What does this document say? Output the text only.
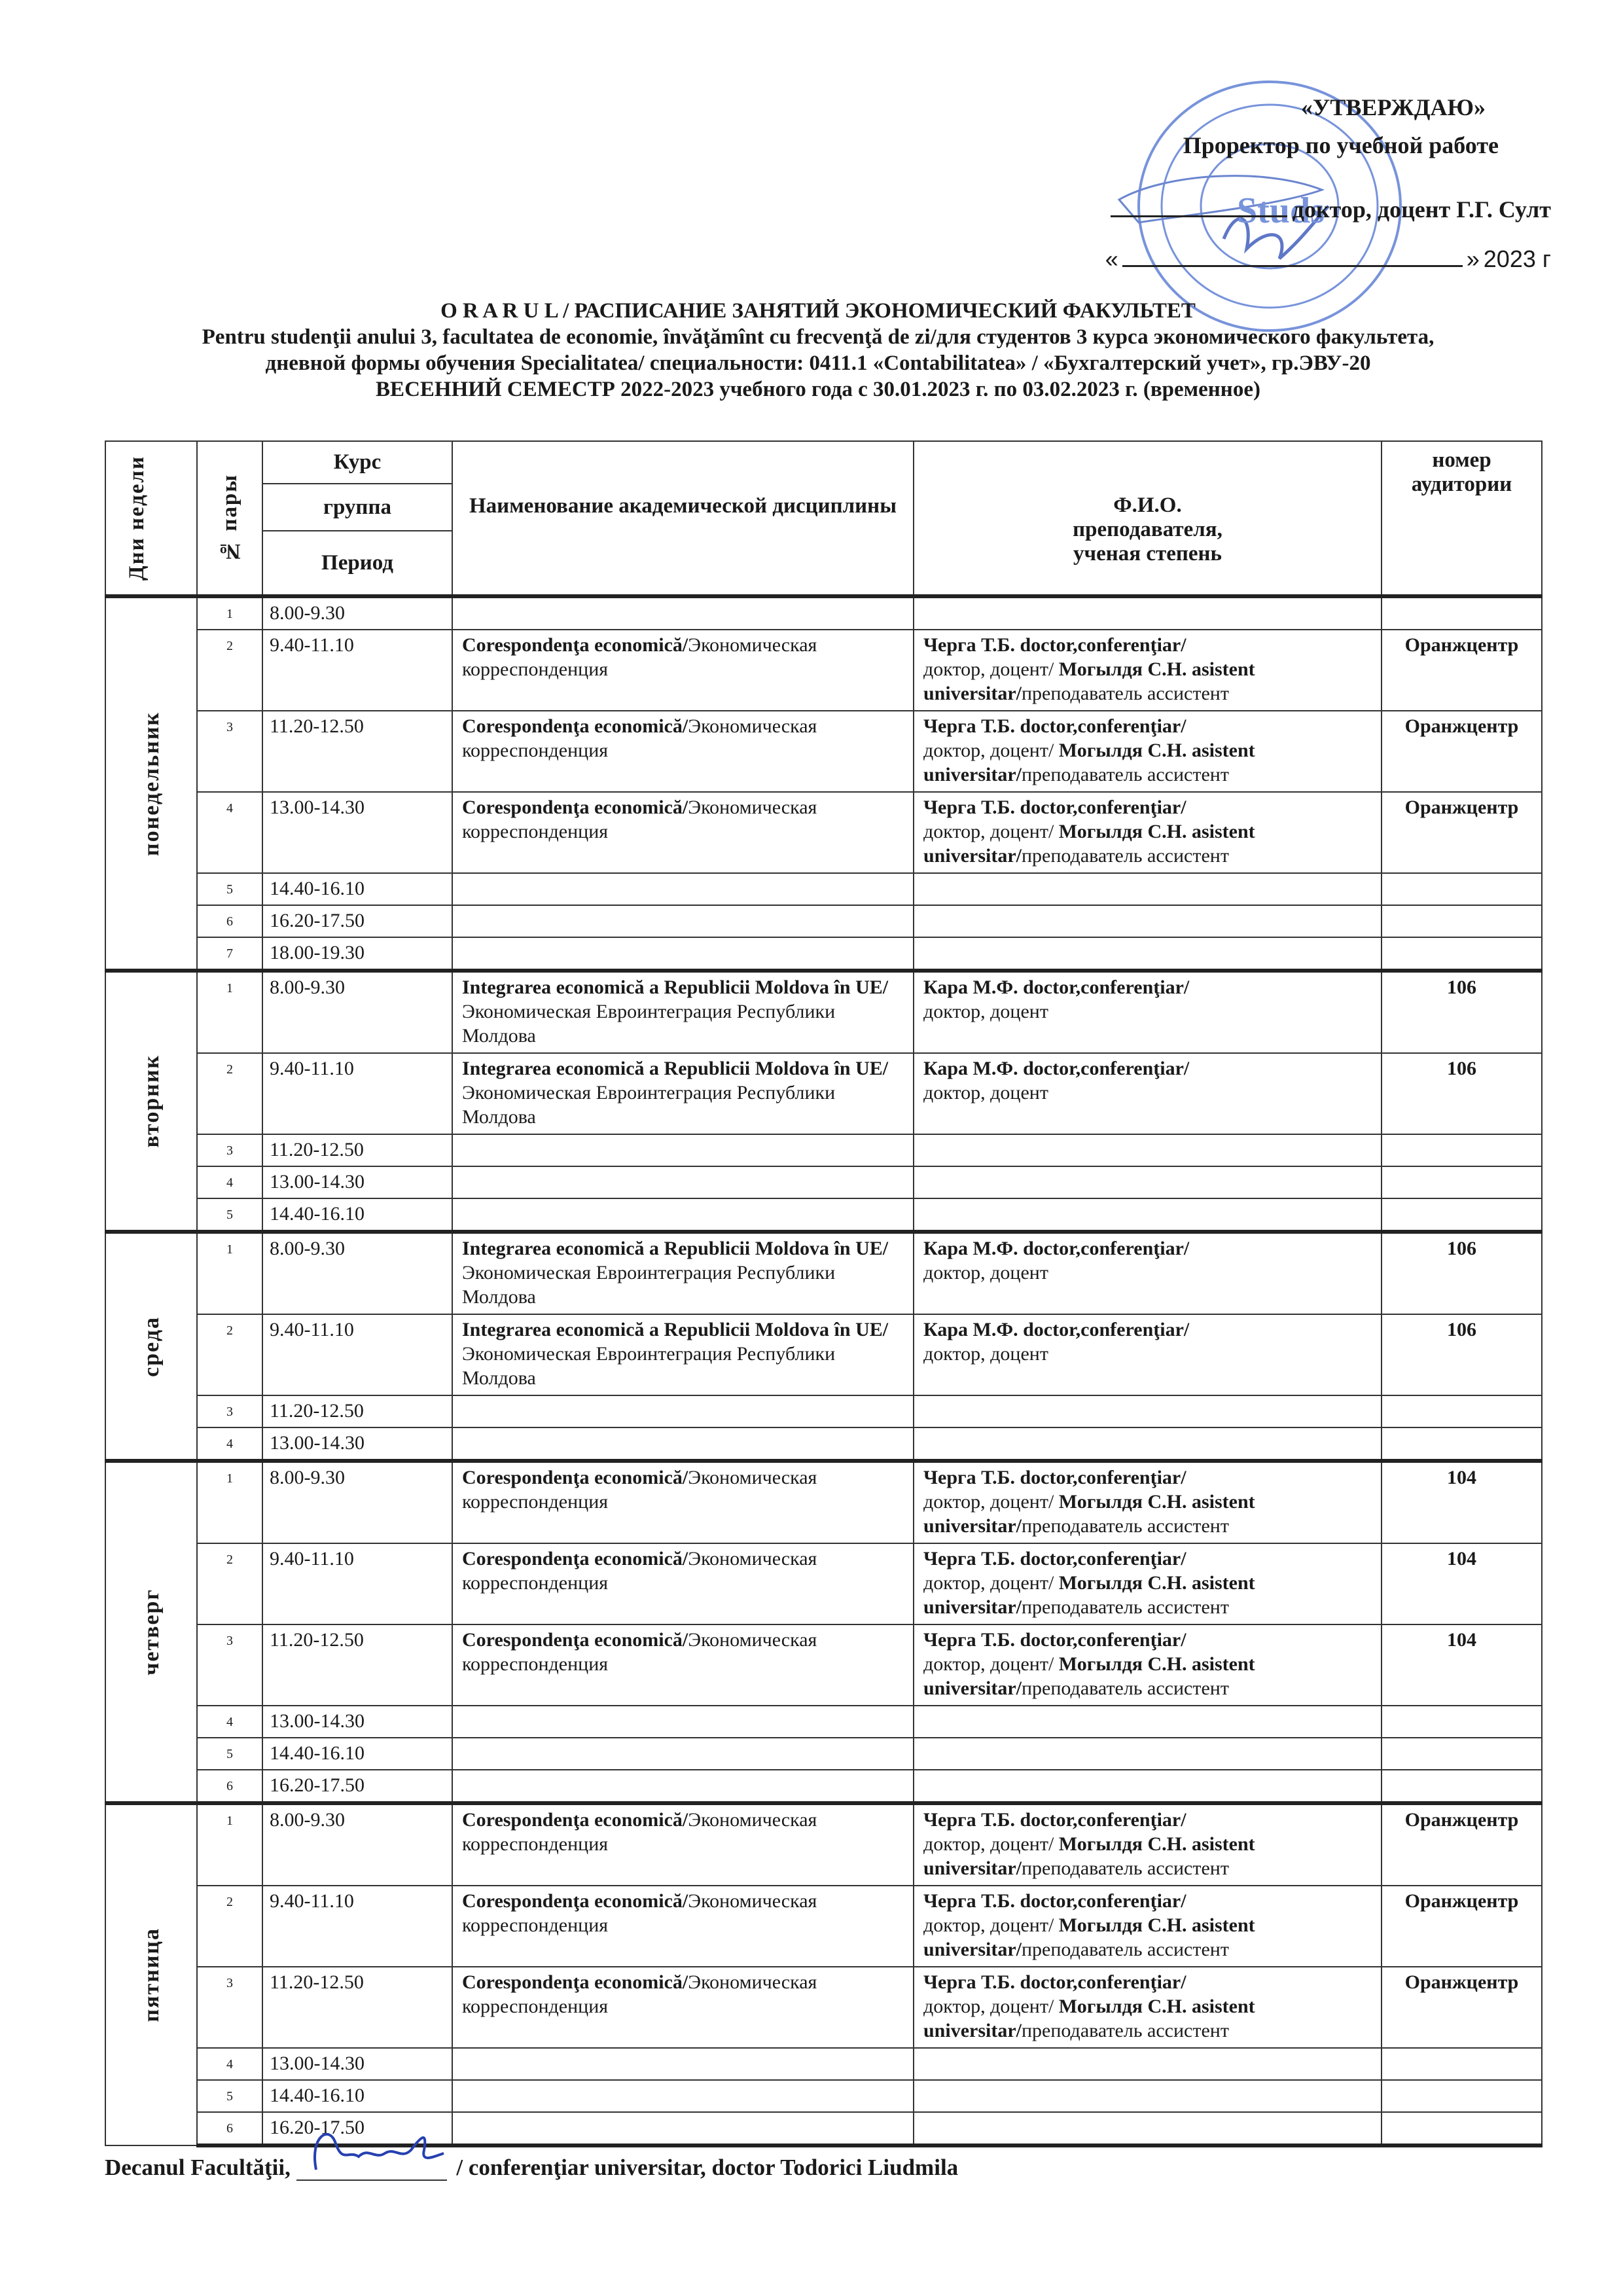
Studs
«УТВЕРЖДАЮ»
Проректор по учебной работе
доктор, доцент Г.Г. Султ
«	» 2023 г
O R A R U L / РАСПИСАНИЕ ЗАНЯТИЙ ЭКОНОМИЧЕСКИЙ ФАКУЛЬТЕТ
Pentru studenţii anului 3, facultatea de economie, învăţămînt cu frecvenţă de zi/для студентов 3 курса экономического факультета,
дневной формы обучения Specialitatea/ специальности: 0411.1 «Contabilitatea» / «Бухгалтерский учет», гр.ЭВУ-20
ВЕСЕННИЙ СЕМЕСТР 2022-2023 учебного года с 30.01.2023 г. по 03.02.2023 г. (временное)
Дни недели	№ пары	Курс	Наименование академической дисциплины	Ф.И.О.
преподавателя,
ученая степень	номер аудитории
		группа			
		Период			

понедельник	1	8.00-9.30		

	2	9.40-11.10	Corespondenţa economică/Экономическая корреспонденция	Черга Т.Б. doctor,conferenţiar/
доктор, доцент/ Могылдя С.Н. asistent
universitar/преподаватель ассистент	Оранжцентр
	3	11.20-12.50	Corespondenţa economică/Экономическая корреспонденция	Черга Т.Б. doctor,conferenţiar/
доктор, доцент/ Могылдя С.Н. asistent
universitar/преподаватель ассистент	Оранжцентр
	4	13.00-14.30	Corespondenţa economică/Экономическая корреспонденция	Черга Т.Б. doctor,conferenţiar/
доктор, доцент/ Могылдя С.Н. asistent
universitar/преподаватель ассистент	Оранжцентр
	5	14.40-16.10		

	6	16.20-17.50		

	7	18.00-19.30		

вторник	1	8.00-9.30	Integrarea economică a Republicii Moldova în UE/Экономическая Евроинтеграция Республики Молдова	Кара М.Ф. doctor,conferenţiar/
доктор, доцент	106
	2	9.40-11.10	Integrarea economică a Republicii Moldova în UE/Экономическая Евроинтеграция Республики Молдова	Кара М.Ф. doctor,conferenţiar/
доктор, доцент	106
	3	11.20-12.50		

	4	13.00-14.30		

	5	14.40-16.10		

среда	1	8.00-9.30	Integrarea economică a Republicii Moldova în UE/Экономическая Евроинтеграция Республики Молдова	Кара М.Ф. doctor,conferenţiar/
доктор, доцент	106
	2	9.40-11.10	Integrarea economică a Republicii Moldova în UE/Экономическая Евроинтеграция Республики Молдова	Кара М.Ф. doctor,conferenţiar/
доктор, доцент	106
	3	11.20-12.50		

	4	13.00-14.30		

четверг	1	8.00-9.30	Corespondenţa economică/Экономическая корреспонденция	Черга Т.Б. doctor,conferenţiar/
доктор, доцент/ Могылдя С.Н. asistent
universitar/преподаватель ассистент	104
	2	9.40-11.10	Corespondenţa economică/Экономическая корреспонденция	Черга Т.Б. doctor,conferenţiar/
доктор, доцент/ Могылдя С.Н. asistent
universitar/преподаватель ассистент	104
	3	11.20-12.50	Corespondenţa economică/Экономическая корреспонденция	Черга Т.Б. doctor,conferenţiar/
доктор, доцент/ Могылдя С.Н. asistent
universitar/преподаватель ассистент	104
	4	13.00-14.30		

	5	14.40-16.10		

	6	16.20-17.50		

пятница	1	8.00-9.30	Corespondenţa economică/Экономическая корреспонденция	Черга Т.Б. doctor,conferenţiar/
доктор, доцент/ Могылдя С.Н. asistent
universitar/преподаватель ассистент	Оранжцентр
	2	9.40-11.10	Corespondenţa economică/Экономическая корреспонденция	Черга Т.Б. doctor,conferenţiar/
доктор, доцент/ Могылдя С.Н. asistent
universitar/преподаватель ассистент	Оранжцентр
	3	11.20-12.50	Corespondenţa economică/Экономическая корреспонденция	Черга Т.Б. doctor,conferenţiar/
доктор, доцент/ Могылдя С.Н. asistent
universitar/преподаватель ассистент	Оранжцентр
	4	13.00-14.30		

	5	14.40-16.10		

	6	16.20-17.50		

Decanul Facultăţii,	/ conferenţiar universitar, doctor Todorici Liudmila
